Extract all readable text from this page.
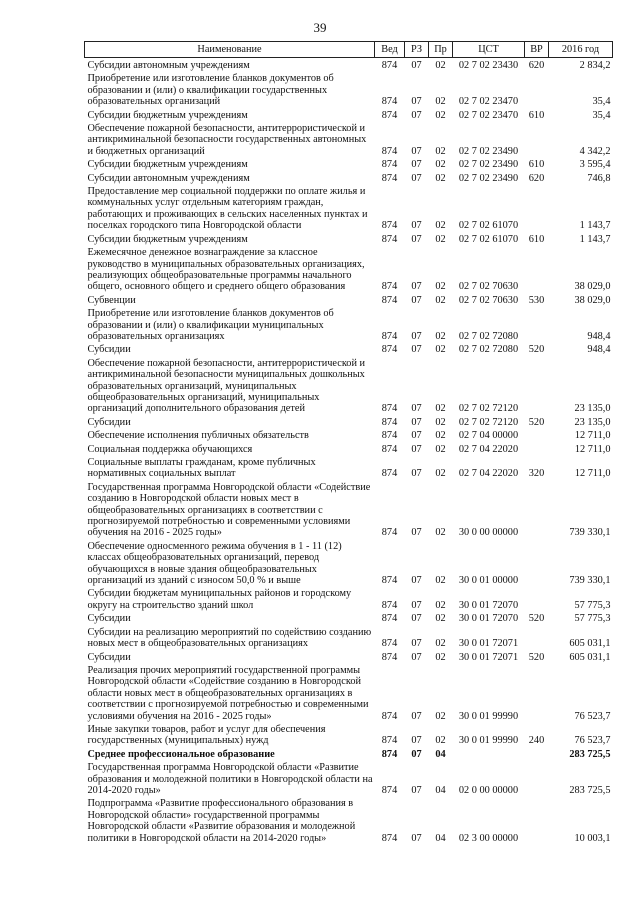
39
Наименование	Вед	РЗ	Пр	ЦСТ	ВР	2016 год
Субсидии автономным учреждениям	874	07	02	02 7 02 23430	620	2 834,2
Приобретение или изготовление бланков документов об образовании и (или) о квалификации государственных образовательных организаций	874	07	02	02 7 02 23470		35,4
Субсидии бюджетным учреждениям	874	07	02	02 7 02 23470	610	35,4
Обеспечение пожарной безопасности, антитеррористической и антикриминальной безопасности государственных автономных и бюджетных организаций	874	07	02	02 7 02 23490		4 342,2
Субсидии бюджетным учреждениям	874	07	02	02 7 02 23490	610	3 595,4
Субсидии автономным учреждениям	874	07	02	02 7 02 23490	620	746,8
Предоставление мер социальной поддержки по оплате жилья и коммунальных услуг отдельным категориям граждан, работающих и проживающих в сельских населенных пунктах и поселках городского типа Новгородской области	874	07	02	02 7 02 61070		1 143,7
Субсидии бюджетным учреждениям	874	07	02	02 7 02 61070	610	1 143,7
Ежемесячное денежное вознаграждение за классное руководство в муниципальных образовательных организациях, реализующих общеобразовательные программы начального общего, основного общего и среднего общего образования	874	07	02	02 7 02 70630		38 029,0
Субвенции	874	07	02	02 7 02 70630	530	38 029,0
Приобретение или изготовление бланков документов об образовании и (или) о квалификации муниципальных образовательных организациях	874	07	02	02 7 02 72080		948,4
Субсидии	874	07	02	02 7 02 72080	520	948,4
Обеспечение пожарной безопасности, антитеррористической и антикриминальной безопасности муниципальных дошкольных образовательных организаций, муниципальных общеобразовательных организаций, муниципальных организаций дополнительного образования детей	874	07	02	02 7 02 72120		23 135,0
Субсидии	874	07	02	02 7 02 72120	520	23 135,0
Обеспечение исполнения публичных обязательств	874	07	02	02 7 04 00000		12 711,0
Социальная поддержка обучающихся	874	07	02	02 7 04 22020		12 711,0
Социальные выплаты гражданам, кроме публичных нормативных социальных выплат	874	07	02	02 7 04 22020	320	12 711,0
Государственная программа Новгородской области «Содействие созданию в Новгородской области новых мест в общеобразовательных организациях в соответствии с прогнозируемой потребностью и современными условиями обучения на 2016 - 2025 годы»	874	07	02	30 0 00 00000		739 330,1
Обеспечение односменного режима обучения в 1 - 11 (12) классах общеобразовательных организаций, перевод обучающихся в новые здания общеобразовательных организаций из зданий с износом 50,0 % и выше	874	07	02	30 0 01 00000		739 330,1
Субсидии бюджетам муниципальных районов и городскому округу на строительство зданий школ	874	07	02	30 0 01 72070		57 775,3
Субсидии	874	07	02	30 0 01 72070	520	57 775,3
Субсидии на реализацию мероприятий по содействию созданию новых мест в общеобразовательных организациях	874	07	02	30 0 01 72071		605 031,1
Субсидии	874	07	02	30 0 01 72071	520	605 031,1
Реализация прочих мероприятий государственной программы Новгородской области «Содействие созданию в Новгородской области новых мест в общеобразовательных организациях в соответствии с прогнозируемой потребностью и современными условиями обучения на 2016 - 2025 годы»	874	07	02	30 0 01 99990		76 523,7
Иные закупки товаров, работ и услуг для обеспечения государственных (муниципальных) нужд	874	07	02	30 0 01 99990	240	76 523,7
Среднее профессиональное образование	874	07	04			283 725,5
Государственная программа Новгородской области «Развитие образования и молодежной политики в Новгородской области на 2014-2020 годы»	874	07	04	02 0 00 00000		283 725,5
Подпрограмма «Развитие профессионального образования в Новгородской области» государственной программы Новгородской области «Развитие образования и молодежной политики в Новгородской области на 2014-2020 годы»	874	07	04	02 3 00 00000		10 003,1
